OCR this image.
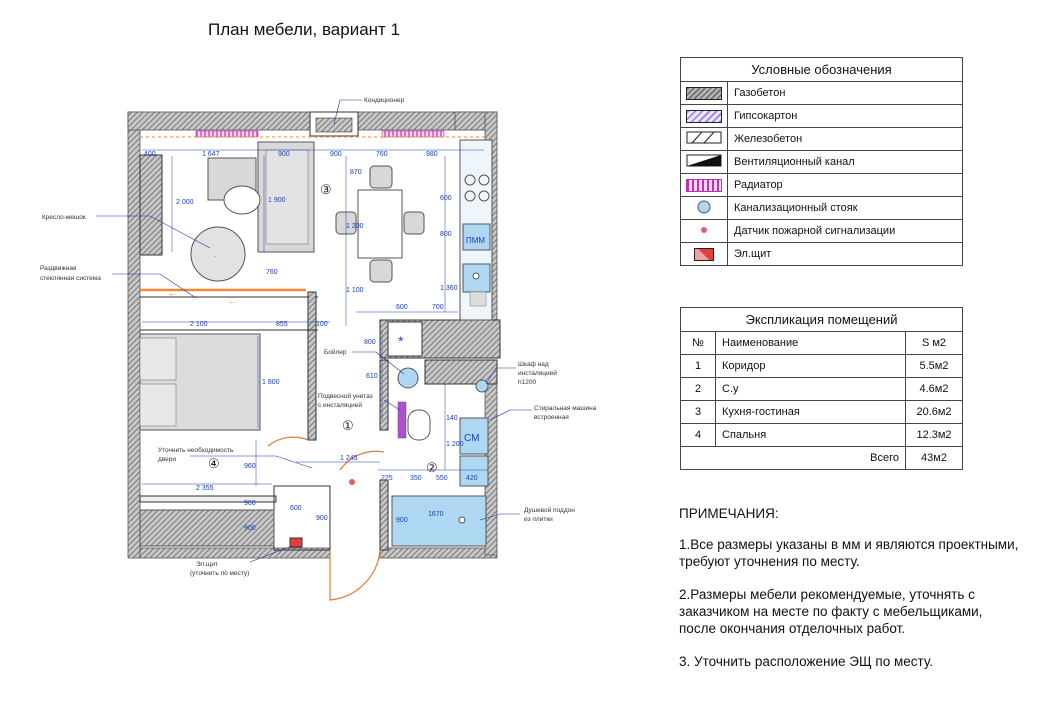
План мебели, вариант 1
·
ПММ
←
←
*
СМ
400	1 647	900	900	760	980
870
2 000	1 900
1 200
600
800
760
1 100	1 360
600	700
2 100	855	100
1 800
800
610
1 245
960
2 355
225 350 550
1 200
140
420
1670
900
600
900
900
960
①
②
③
④
Кондиционер
Кресло-мешок
Раздвижная
стеклянная система
Бойлер
Шкаф над
инсталяцией
h1200
Подвесной унитаз
с инсталяцией	Стиральная машина
встроенная
Уточнить необходимость
двери
Душевой поддон
из плитки
Эл.щит
(уточнить по месту)
Условные обозначения	
	Газобетон
	Гипсокартон
	Железобетон
	Вентиляционный канал
	Радиатор
	Канализационный стояк
	Датчик пожарной сигнализации
	Эл.щит
Экспликация помещений		
№	Наименование	S м2
1	Коридор	5.5м2
2	С.у	4.6м2
3	Кухня-гостиная	20.6м2
4	Спальня	12.3м2
Всего		43м2
ПРИМЕЧАНИЯ:

1.Все размеры указаны в мм и являются проектными, требуют уточнения по месту.

2.Размеры мебели рекомендуемые, уточнять с заказчиком на месте по факту с мебельщиками, после окончания отделочных работ.

3. Уточнить расположение ЭЩ по месту.
